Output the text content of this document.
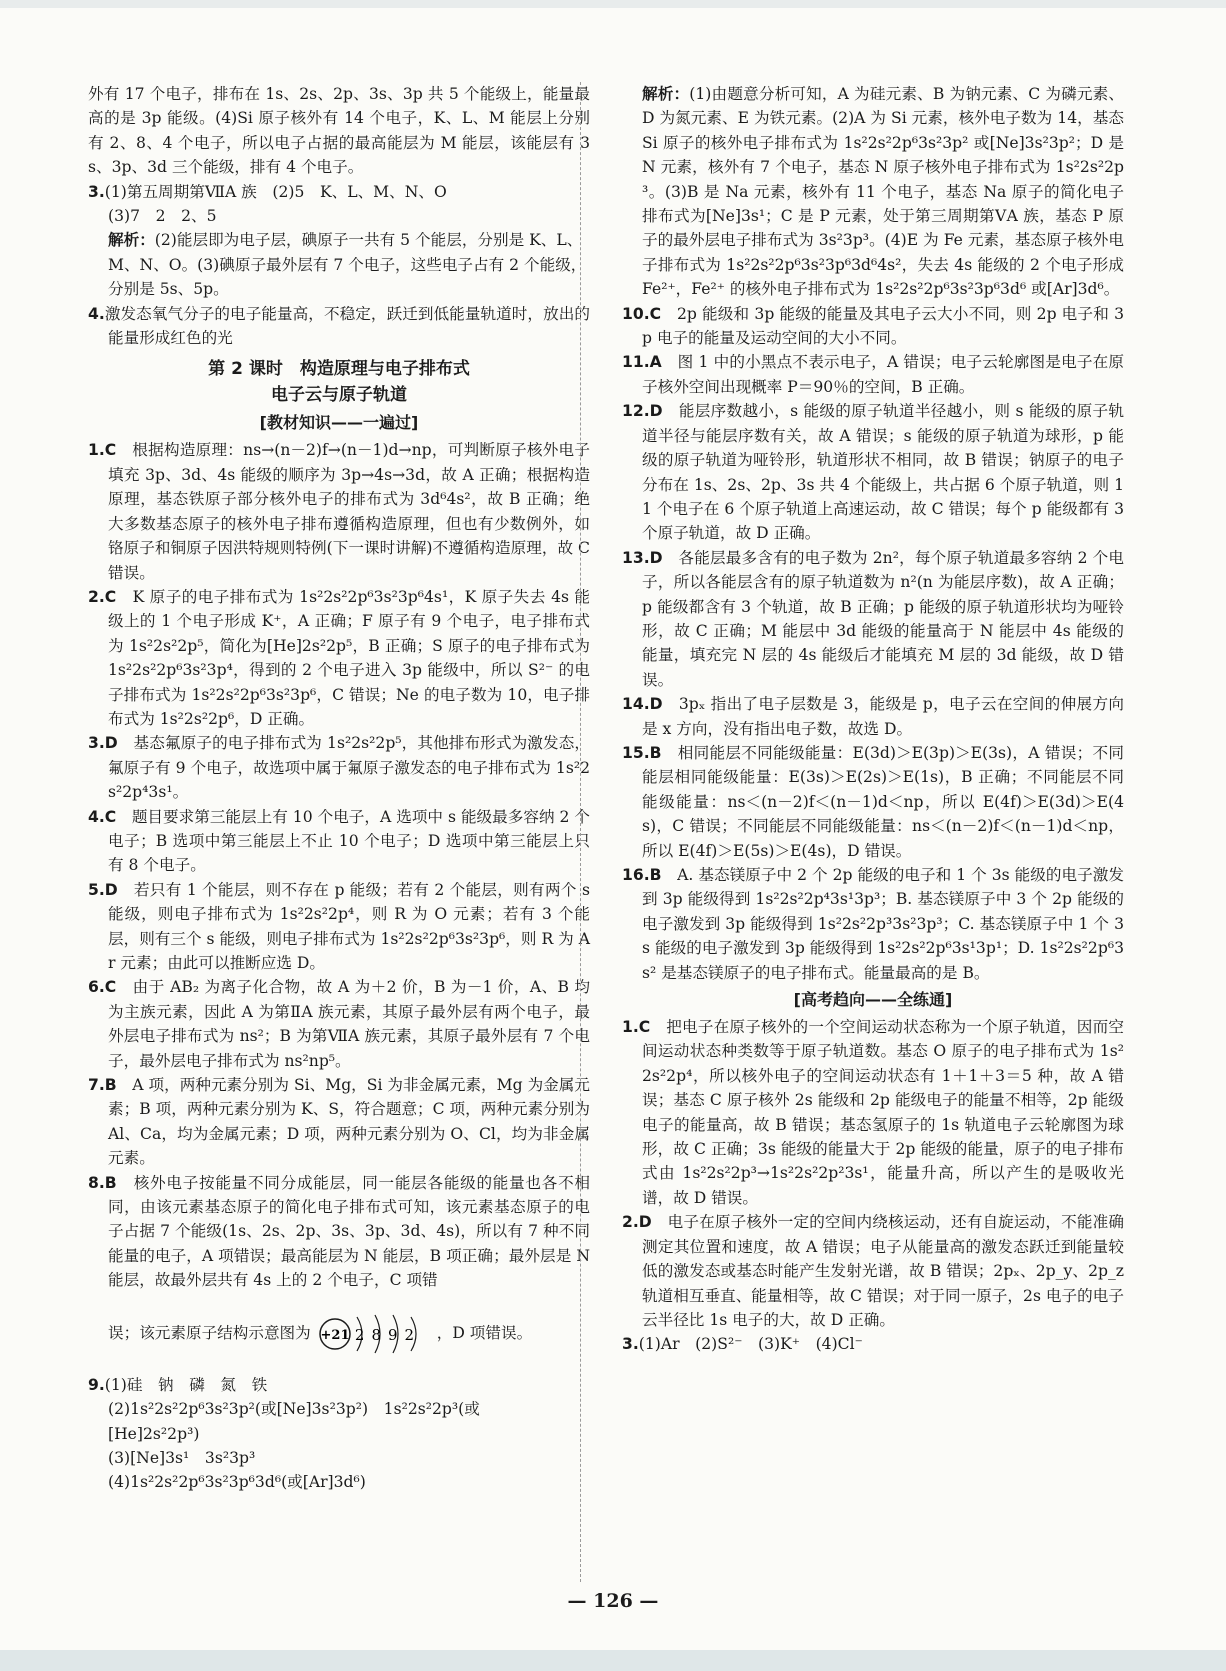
外有 17 个电子，排布在 1s、2s、2p、3s、3p 共 5 个能级上，能量最高的是 3p 能级。(4)Si 原子核外有 14 个电子，K、L、M 能层上分别有 2、8、4 个电子，所以电子占据的最高能层为 M 能层，该能层有 3s、3p、3d 三个能级，排有 4 个电子。

3.(1)第五周期第ⅦA 族　(2)5　K、L、M、N、O

(3)7　2　2、5

解析：(2)能层即为电子层，碘原子一共有 5 个能层，分别是 K、L、M、N、O。(3)碘原子最外层有 7 个电子，这些电子占有 2 个能级，分别是 5s、5p。

4.激发态氧气分子的电子能量高，不稳定，跃迁到低能量轨道时，放出的能量形成红色的光

第 2 课时　构造原理与电子排布式
电子云与原子轨道
[教材知识——一遍过]

1.C　 根据构造原理：ns→(n－2)f→(n－1)d→np，可判断原子核外电子填充 3p、3d、4s 能级的顺序为 3p→4s→3d，故 A 正确；根据构造原理，基态铁原子部分核外电子的排布式为 3d⁶4s²，故 B 正确；绝大多数基态原子的核外电子排布遵循构造原理，但也有少数例外，如铬原子和铜原子因洪特规则特例(下一课时讲解)不遵循构造原理，故 C 错误。

2.C　 K 原子的电子排布式为 1s²2s²2p⁶3s²3p⁶4s¹，K 原子失去 4s 能级上的 1 个电子形成 K⁺，A 正确；F 原子有 9 个电子，电子排布式为 1s²2s²2p⁵，简化为[He]2s²2p⁵，B 正确；S 原子的电子排布式为 1s²2s²2p⁶3s²3p⁴，得到的 2 个电子进入 3p 能级中，所以 S²⁻ 的电子排布式为 1s²2s²2p⁶3s²3p⁶，C 错误；Ne 的电子数为 10，电子排布式为 1s²2s²2p⁶，D 正确。

3.D　 基态氟原子的电子排布式为 1s²2s²2p⁵，其他排布形式为激发态，氟原子有 9 个电子，故选项中属于氟原子激发态的电子排布式为 1s²2s²2p⁴3s¹。

4.C　 题目要求第三能层上有 10 个电子，A 选项中 s 能级最多容纳 2 个电子；B 选项中第三能层上不止 10 个电子；D 选项中第三能层上只有 8 个电子。

5.D　 若只有 1 个能层，则不存在 p 能级；若有 2 个能层，则有两个 s 能级，则电子排布式为 1s²2s²2p⁴，则 R 为 O 元素；若有 3 个能层，则有三个 s 能级，则电子排布式为 1s²2s²2p⁶3s²3p⁶，则 R 为 Ar 元素；由此可以推断应选 D。

6.C　 由于 AB₂ 为离子化合物，故 A 为＋2 价，B 为－1 价，A、B 均为主族元素，因此 A 为第ⅡA 族元素，其原子最外层有两个电子，最外层电子排布式为 ns²；B 为第ⅦA 族元素，其原子最外层有 7 个电子，最外层电子排布式为 ns²np⁵。

7.B　 A 项，两种元素分别为 Si、Mg，Si 为非金属元素，Mg 为金属元素；B 项，两种元素分别为 K、S，符合题意；C 项，两种元素分别为 Al、Ca，均为金属元素；D 项，两种元素分别为 O、Cl，均为非金属元素。

8.B　 核外电子按能量不同分成能层，同一能层各能级的能量也各不相同，由该元素基态原子的简化电子排布式可知，该元素基态原子的电子占据 7 个能级(1s、2s、2p、3s、3p、3d、4s)，所以有 7 种不同能量的电子，A 项错误；最高能层为 N 能层，B 项正确；最外层是 N 能层，故最外层共有 4s 上的 2 个电子，C 项错

误；该元素原子结构示意图为 +21 2892 ，D 项错误。

9.(1)硅　钠　磷　氮　铁

(2)1s²2s²2p⁶3s²3p²(或[Ne]3s²3p²)　1s²2s²2p³(或

[He]2s²2p³)

(3)[Ne]3s¹　3s²3p³

(4)1s²2s²2p⁶3s²3p⁶3d⁶(或[Ar]3d⁶)

解析：(1)由题意分析可知，A 为硅元素、B 为钠元素、C 为磷元素、D 为氮元素、E 为铁元素。(2)A 为 Si 元素，核外电子数为 14，基态 Si 原子的核外电子排布式为 1s²2s²2p⁶3s²3p² 或[Ne]3s²3p²；D 是 N 元素，核外有 7 个电子，基态 N 原子核外电子排布式为 1s²2s²2p³。(3)B 是 Na 元素，核外有 11 个电子，基态 Na 原子的简化电子排布式为[Ne]3s¹；C 是 P 元素，处于第三周期第ⅤA 族，基态 P 原子的最外层电子排布式为 3s²3p³。(4)E 为 Fe 元素，基态原子核外电子排布式为 1s²2s²2p⁶3s²3p⁶3d⁶4s²，失去 4s 能级的 2 个电子形成 Fe²⁺，Fe²⁺ 的核外电子排布式为 1s²2s²2p⁶3s²3p⁶3d⁶ 或[Ar]3d⁶。

10.C　 2p 能级和 3p 能级的能量及其电子云大小不同，则 2p 电子和 3p 电子的能量及运动空间的大小不同。

11.A　 图 1 中的小黑点不表示电子，A 错误；电子云轮廓图是电子在原子核外空间出现概率 P＝90％的空间，B 正确。

12.D　 能层序数越小，s 能级的原子轨道半径越小，则 s 能级的原子轨道半径与能层序数有关，故 A 错误；s 能级的原子轨道为球形，p 能级的原子轨道为哑铃形，轨道形状不相同，故 B 错误；钠原子的电子分布在 1s、2s、2p、3s 共 4 个能级上，共占据 6 个原子轨道，则 11 个电子在 6 个原子轨道上高速运动，故 C 错误；每个 p 能级都有 3 个原子轨道，故 D 正确。

13.D　 各能层最多含有的电子数为 2n²，每个原子轨道最多容纳 2 个电子，所以各能层含有的原子轨道数为 n²(n 为能层序数)，故 A 正确；p 能级都含有 3 个轨道，故 B 正确；p 能级的原子轨道形状均为哑铃形，故 C 正确；M 能层中 3d 能级的能量高于 N 能层中 4s 能级的能量，填充完 N 层的 4s 能级后才能填充 M 层的 3d 能级，故 D 错误。

14.D　 3pₓ 指出了电子层数是 3，能级是 p，电子云在空间的伸展方向是 x 方向，没有指出电子数，故选 D。

15.B　 相同能层不同能级能量：E(3d)＞E(3p)＞E(3s)，A 错误；不同能层相同能级能量：E(3s)＞E(2s)＞E(1s)，B 正确；不同能层不同能级能量：ns＜(n－2)f＜(n－1)d＜np，所以 E(4f)＞E(3d)＞E(4s)，C 错误；不同能层不同能级能量：ns＜(n－2)f＜(n－1)d＜np，所以 E(4f)＞E(5s)＞E(4s)，D 错误。

16.B　 A. 基态镁原子中 2 个 2p 能级的电子和 1 个 3s 能级的电子激发到 3p 能级得到 1s²2s²2p⁴3s¹3p³；B. 基态镁原子中 3 个 2p 能级的电子激发到 3p 能级得到 1s²2s²2p³3s²3p³；C. 基态镁原子中 1 个 3s 能级的电子激发到 3p 能级得到 1s²2s²2p⁶3s¹3p¹；D. 1s²2s²2p⁶3s² 是基态镁原子的电子排布式。能量最高的是 B。

[高考趋向——全练通]

1.C　 把电子在原子核外的一个空间运动状态称为一个原子轨道，因而空间运动状态种类数等于原子轨道数。基态 O 原子的电子排布式为 1s²2s²2p⁴，所以核外电子的空间运动状态有 1＋1＋3＝5 种，故 A 错误；基态 C 原子核外 2s 能级和 2p 能级电子的能量不相等，2p 能级电子的能量高，故 B 错误；基态氢原子的 1s 轨道电子云轮廓图为球形，故 C 正确；3s 能级的能量大于 2p 能级的能量，原子的电子排布式由 1s²2s²2p³→1s²2s²2p²3s¹，能量升高，所以产生的是吸收光谱，故 D 错误。

2.D　 电子在原子核外一定的空间内绕核运动，还有自旋运动，不能准确测定其位置和速度，故 A 错误；电子从能量高的激发态跃迁到能量较低的激发态或基态时能产生发射光谱，故 B 错误；2pₓ、2p_y、2p_z 轨道相互垂直、能量相等，故 C 错误；对于同一原子，2s 电子的电子云半径比 1s 电子的大，故 D 正确。

3.(1)Ar　(2)S²⁻　(3)K⁺　(4)Cl⁻

— 126 —
